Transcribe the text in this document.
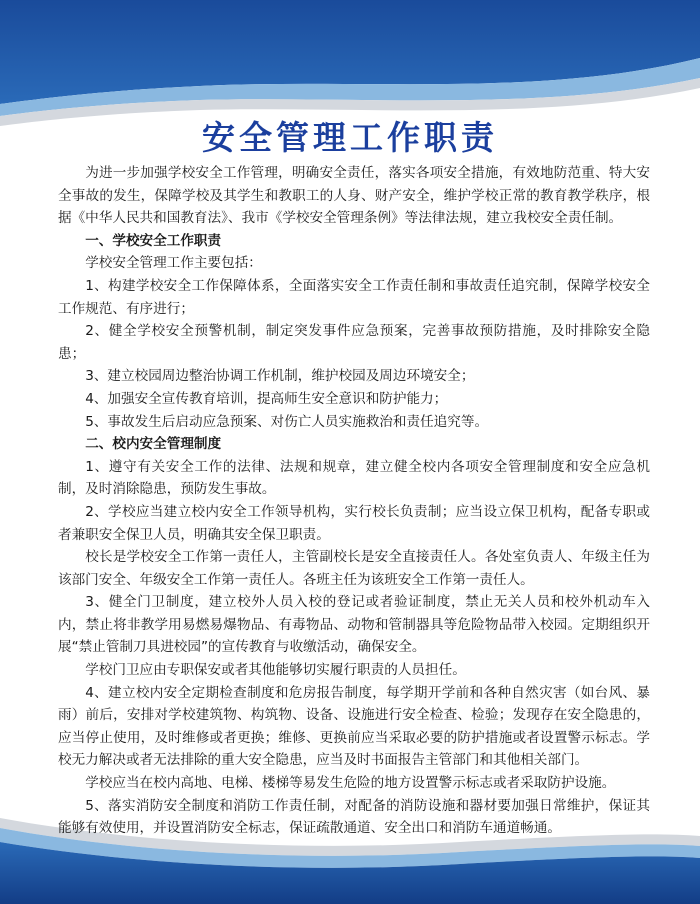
安全管理工作职责

为进一步加强学校安全工作管理，明确安全责任，落实各项安全措施，有效地防范重、特大安全事故的发生，保障学校及其学生和教职工的人身、财产安全，维护学校正常的教育教学秩序，根据《中华人民共和国教育法》、我市《学校安全管理条例》等法律法规，建立我校安全责任制。

一、学校安全工作职责

学校安全管理工作主要包括：

1、构建学校安全工作保障体系，全面落实安全工作责任制和事故责任追究制，保障学校安全工作规范、有序进行；

2、健全学校安全预警机制，制定突发事件应急预案，完善事故预防措施，及时排除安全隐患；

3、建立校园周边整治协调工作机制，维护校园及周边环境安全；

4、加强安全宣传教育培训，提高师生安全意识和防护能力；

5、事故发生后启动应急预案、对伤亡人员实施救治和责任追究等。

二、校内安全管理制度

1、遵守有关安全工作的法律、法规和规章，建立健全校内各项安全管理制度和安全应急机制，及时消除隐患，预防发生事故。

2、学校应当建立校内安全工作领导机构，实行校长负责制；应当设立保卫机构，配备专职或者兼职安全保卫人员，明确其安全保卫职责。

校长是学校安全工作第一责任人，主管副校长是安全直接责任人。各处室负责人、年级主任为该部门安全、年级安全工作第一责任人。各班主任为该班安全工作第一责任人。

3、健全门卫制度，建立校外人员入校的登记或者验证制度，禁止无关人员和校外机动车入内，禁止将非教学用易燃易爆物品、有毒物品、动物和管制器具等危险物品带入校园。定期组织开展“禁止管制刀具进校园”的宣传教育与收缴活动，确保安全。

学校门卫应由专职保安或者其他能够切实履行职责的人员担任。

4、建立校内安全定期检查制度和危房报告制度，每学期开学前和各种自然灾害（如台风、暴雨）前后，安排对学校建筑物、构筑物、设备、设施进行安全检查、检验；发现存在安全隐患的，应当停止使用，及时维修或者更换；维修、更换前应当采取必要的防护措施或者设置警示标志。学校无力解决或者无法排除的重大安全隐患，应当及时书面报告主管部门和其他相关部门。

学校应当在校内高地、电梯、楼梯等易发生危险的地方设置警示标志或者采取防护设施。

5、落实消防安全制度和消防工作责任制，对配备的消防设施和器材要加强日常维护，保证其能够有效使用，并设置消防安全标志，保证疏散通道、安全出口和消防车通道畅通。
